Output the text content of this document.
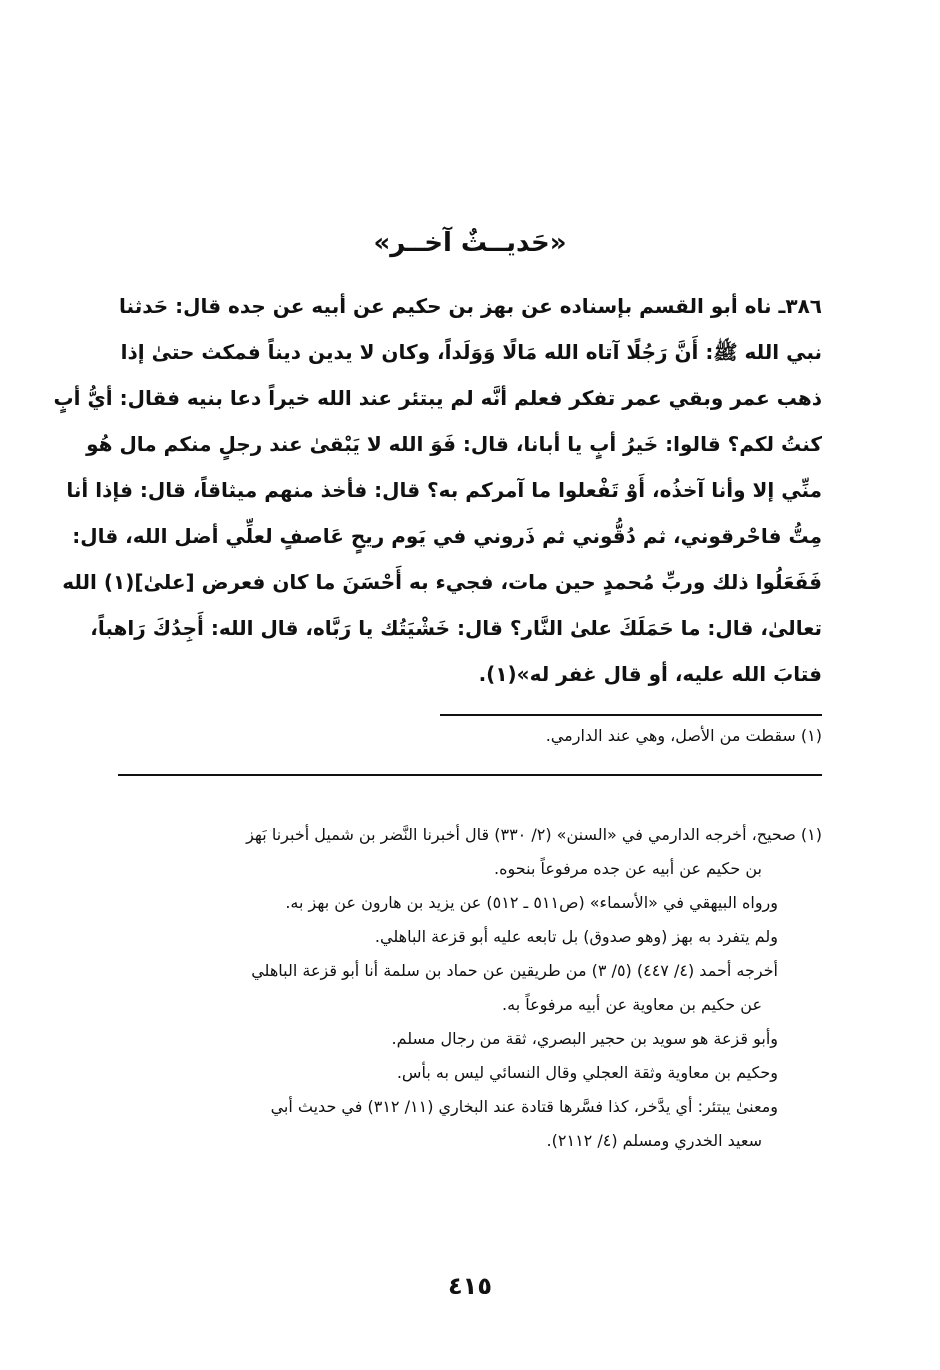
«حَديــثٌ آخــر»
٣٨٦ـ ناه أبو القسم بإسناده عن بهز بن حكيم عن أبيه عن جده قال: حَدثنا
نبي الله ﷺ: أَنَّ رَجُلًا آتاه الله مَالًا وَوَلَداً، وكان لا يدين ديناً فمكث حتىٰ إذا
ذهب عمر وبقي عمر تفكر فعلم أنَّه لم يبتئر عند الله خيراً دعا بنيه فقال: أيُّ أبٍ
كنتُ لكم؟ قالوا: خَيرُ أبٍ يا أبانا، قال: فَوَ الله لا يَبْقىٰ عند رجلٍ منكم مال هُو
منِّي إلا وأنا آخذُه، أَوْ تَفْعلوا ما آمركم به؟ قال: فأخذ منهم ميثاقاً، قال: فإذا أنا
مِتُّ فاحْرقوني، ثم دُقُّوني ثم ذَروني في يَوم ريحٍ عَاصفٍ لعلِّي أضل الله، قال:
فَفَعَلُوا ذلك وربِّ مُحمدٍ حين مات، فجيء به أَحْسَنَ ما كان فعرض [علىٰ](١) الله
تعالىٰ، قال: ما حَمَلَكَ علىٰ النَّار؟ قال: خَشْيَتُك يا رَبَّاه، قال الله: أَجِدُكَ رَاهباً،
فتابَ الله عليه، أو قال غفر له»(١).
(١) سقطت من الأصل، وهي عند الدارمي.
(١) صحيح، أخرجه الدارمي في «السنن» (٢/ ٣٣٠) قال أخبرنا النَّضر بن شميل أخبرنا بَهز
بن حكيم عن أبيه عن جده مرفوعاً بنحوه.
ورواه البيهقي في «الأسماء» (ص٥١١ ـ ٥١٢) عن يزيد بن هارون عن بهز به.
ولم يتفرد به بهز (وهو صدوق) بل تابعه عليه أبو قزعة الباهلي.
أخرجه أحمد (٤/ ٤٤٧) (٥/ ٣) من طريقين عن حماد بن سلمة أنا أبو قزعة الباهلي
عن حكيم بن معاوية عن أبيه مرفوعاً به.
وأبو قزعة هو سويد بن حجير البصري، ثقة من رجال مسلم.
وحكيم بن معاوية وثقة العجلي وقال النسائي ليس به بأس.
ومعنىٰ يبتئر: أي يدَّخر، كذا فسَّرها قتادة عند البخاري (١١/ ٣١٢) في حديث أبي
سعيد الخدري ومسلم (٤/ ٢١١٢).
٤١٥
